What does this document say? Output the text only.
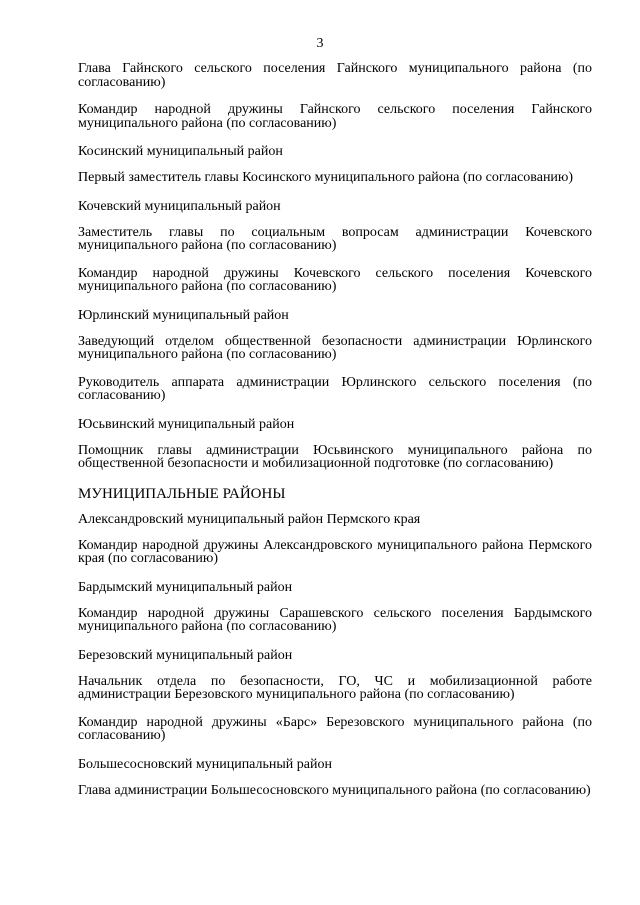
3
Глава Гайнского сельского поселения Гайнского муниципального района (по согласованию)
Командир народной дружины Гайнского сельского поселения Гайнского муниципального района (по согласованию)
Косинский муниципальный район
Первый заместитель главы Косинского муниципального района (по согласованию)
Кочевский муниципальный район
Заместитель главы по социальным вопросам администрации Кочевского муниципального района (по согласованию)
Командир народной дружины Кочевского сельского поселения Кочевского муниципального района (по согласованию)
Юрлинский муниципальный район
Заведующий отделом общественной безопасности администрации Юрлинского муниципального района (по согласованию)
Руководитель аппарата администрации Юрлинского сельского поселения (по согласованию)
Юсьвинский муниципальный район
Помощник главы администрации Юсьвинского муниципального района по общественной безопасности и мобилизационной подготовке (по согласованию)
МУНИЦИПАЛЬНЫЕ РАЙОНЫ
Александровский муниципальный район Пермского края
Командир народной дружины Александровского муниципального района Пермского края (по согласованию)
Бардымский муниципальный район
Командир народной дружины Сарашевского сельского поселения Бардымского муниципального района (по согласованию)
Березовский муниципальный район
Начальник отдела по безопасности, ГО, ЧС и мобилизационной работе администрации Березовского муниципального района (по согласованию)
Командир народной дружины «Барс» Березовского муниципального района (по согласованию)
Большесосновский муниципальный район
Глава администрации Большесосновского муниципального района (по согласованию)
